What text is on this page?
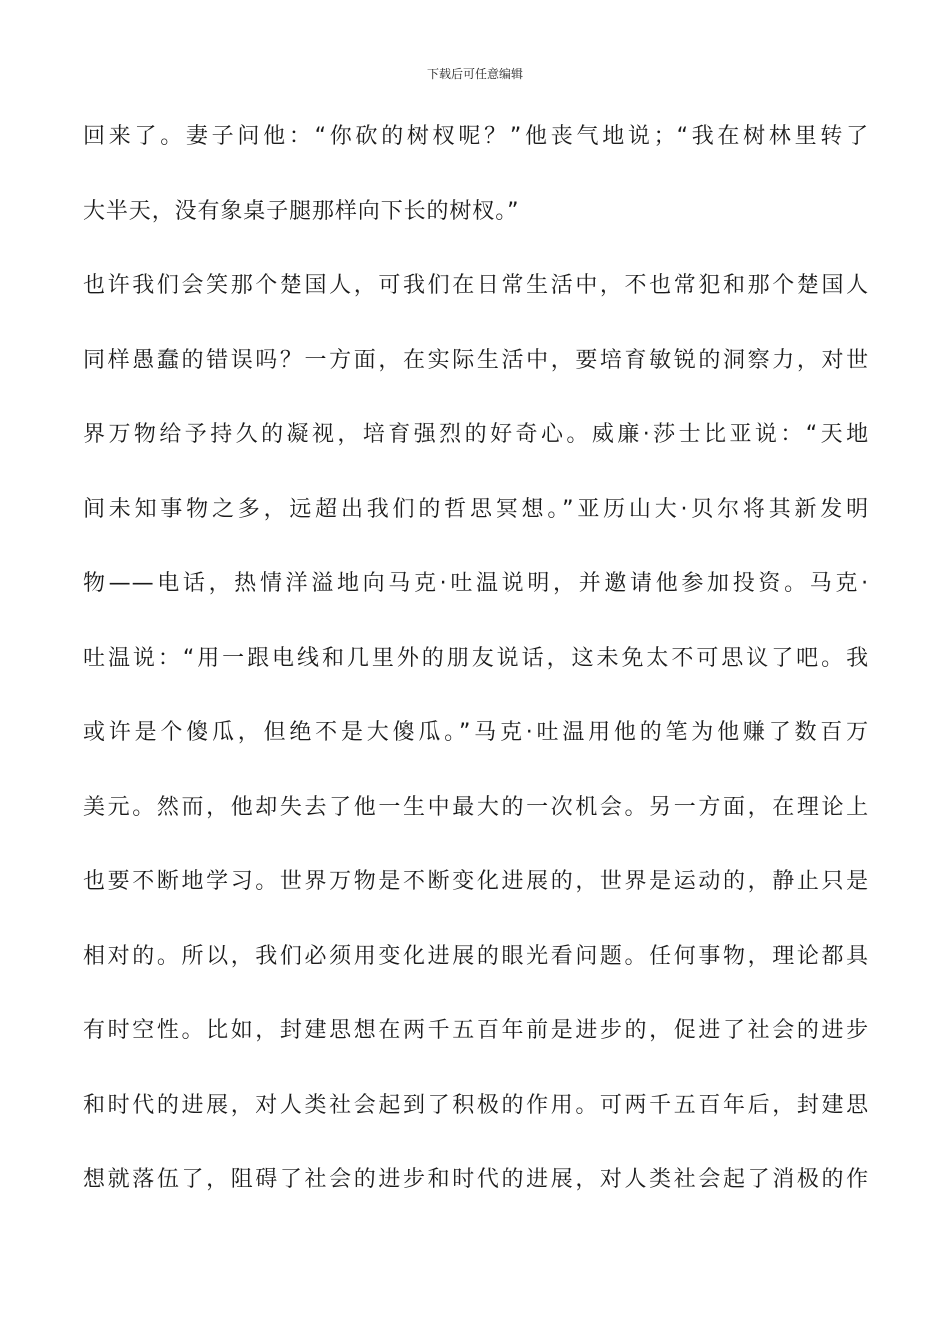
下载后可任意编辑
回来了。妻子问他：“你砍的树杈呢？”他丧气地说；“我在树林里转了
大半天，没有象桌子腿那样向下长的树杈。”
也许我们会笑那个楚国人，可我们在日常生活中，不也常犯和那个楚国人
同样愚蠢的错误吗？一方面，在实际生活中，要培育敏锐的洞察力，对世
界万物给予持久的凝视，培育强烈的好奇心。威廉·莎士比亚说：“天地
间未知事物之多，远超出我们的哲思冥想。”亚历山大·贝尔将其新发明
物——电话，热情洋溢地向马克·吐温说明，并邀请他参加投资。马克·
吐温说：“用一跟电线和几里外的朋友说话，这未免太不可思议了吧。我
或许是个傻瓜，但绝不是大傻瓜。”马克·吐温用他的笔为他赚了数百万
美元。然而，他却失去了他一生中最大的一次机会。另一方面，在理论上
也要不断地学习。世界万物是不断变化进展的，世界是运动的，静止只是
相对的。所以，我们必须用变化进展的眼光看问题。任何事物，理论都具
有时空性。比如，封建思想在两千五百年前是进步的，促进了社会的进步
和时代的进展，对人类社会起到了积极的作用。可两千五百年后，封建思
想就落伍了，阻碍了社会的进步和时代的进展，对人类社会起了消极的作
